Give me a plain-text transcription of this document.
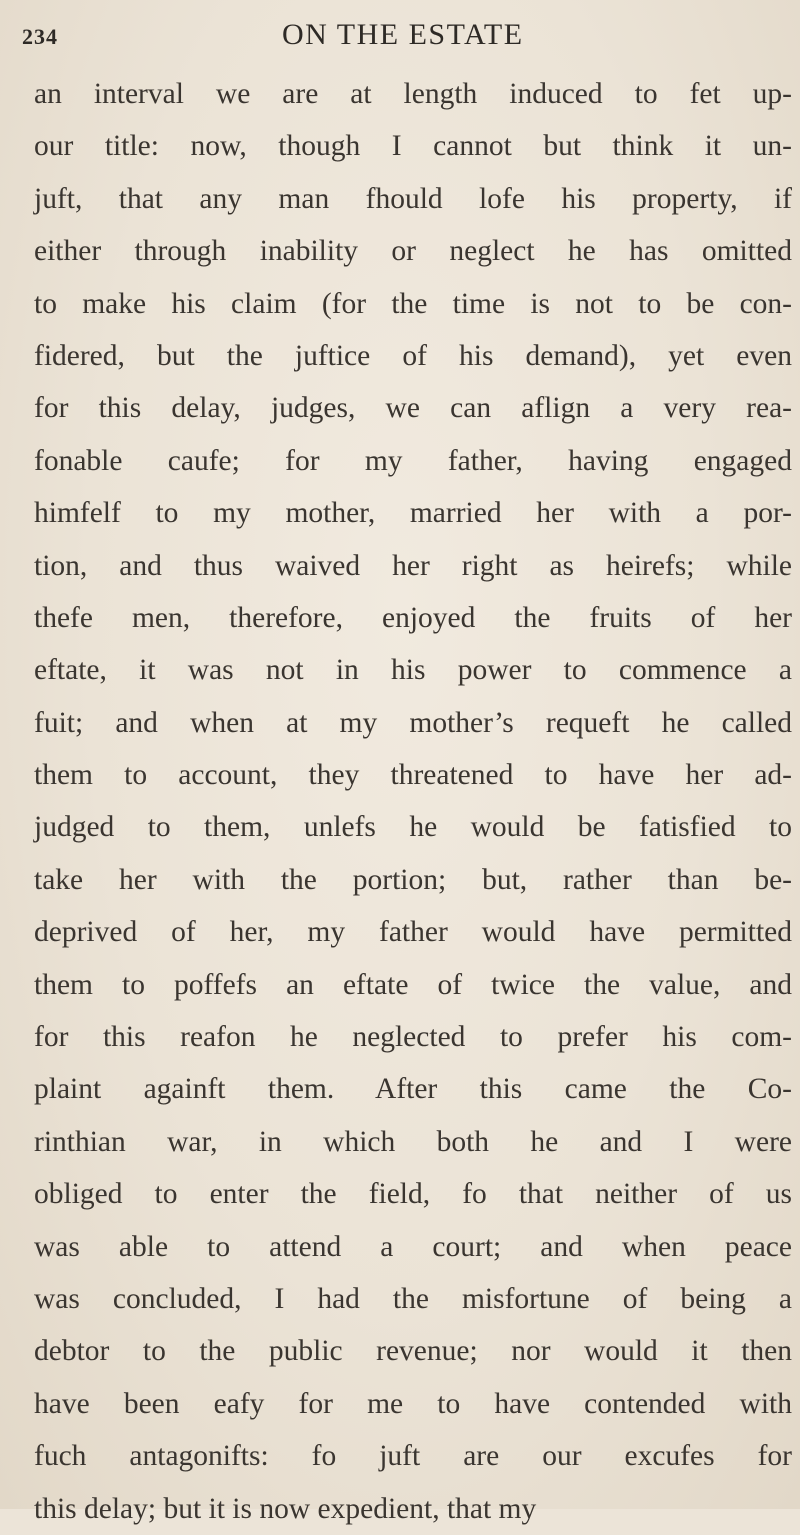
234	ON THE ESTATE
an interval we are at length induced to fet up-
our title: now, though I cannot but think it un-
juft, that any man fhould lofe his property, if
either through inability or neglect he has omitted
to make his claim (for the time is not to be con-
fidered, but the juftice of his demand), yet even
for this delay, judges, we can aflign a very rea-
fonable caufe; for my father, having engaged
himfelf to my mother, married her with a por-
tion, and thus waived her right as heirefs; while
thefe men, therefore, enjoyed the fruits of her
eftate, it was not in his power to commence a
fuit; and when at my mother’s requeft he called
them to account, they threatened to have her ad-
judged to them, unlefs he would be fatisfied to
take her with the portion; but, rather than be-
deprived of her, my father would have permitted
them to poffefs an eftate of twice the value, and
for this reafon he neglected to prefer his com-
plaint againft them. After this came the Co-
rinthian war, in which both he and I were
obliged to enter the field, fo that neither of us
was able to attend a court; and when peace
was concluded, I had the misfortune of being a
debtor to the public revenue; nor would it then
have been eafy for me to have contended with
fuch antagonifts: fo juft are our excufes for
this delay; but it is now expedient, that my
